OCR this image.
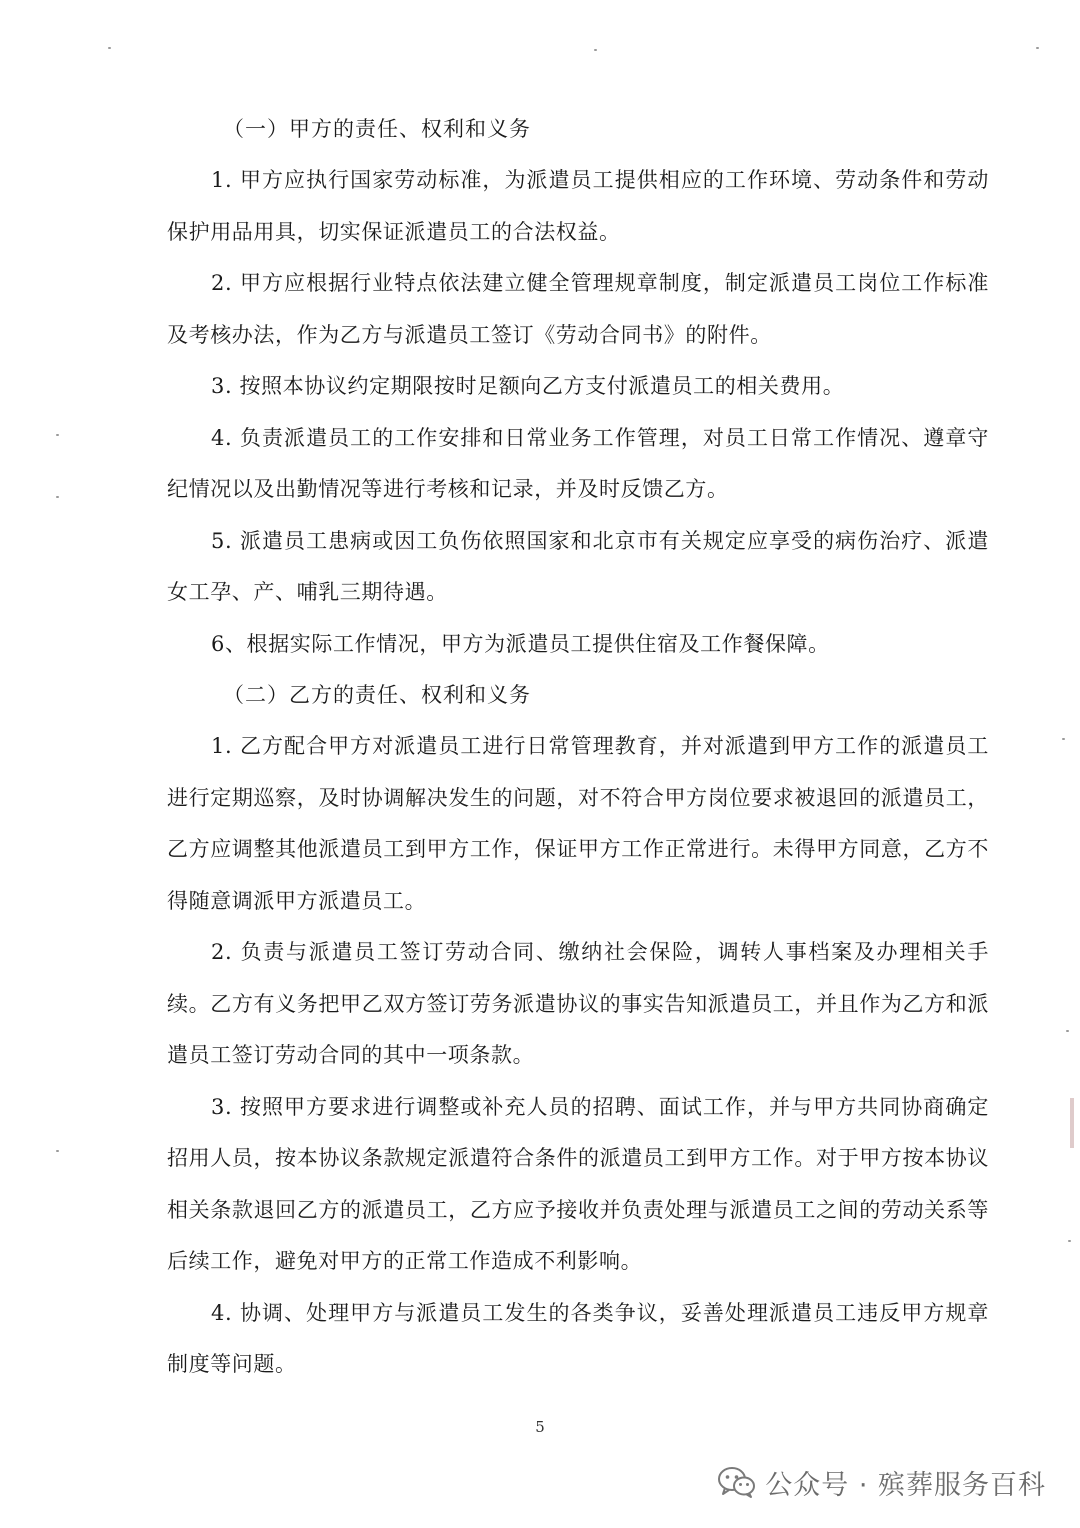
（一）甲方的责任、权利和义务

1. 甲方应执行国家劳动标准，为派遣员工提供相应的工作环境、劳动条件和劳动保护用品用具，切实保证派遣员工的合法权益。

2. 甲方应根据行业特点依法建立健全管理规章制度，制定派遣员工岗位工作标准及考核办法，作为乙方与派遣员工签订《劳动合同书》的附件。

3. 按照本协议约定期限按时足额向乙方支付派遣员工的相关费用。

4. 负责派遣员工的工作安排和日常业务工作管理，对员工日常工作情况、遵章守纪情况以及出勤情况等进行考核和记录，并及时反馈乙方。

5. 派遣员工患病或因工负伤依照国家和北京市有关规定应享受的病伤治疗、派遣女工孕、产、哺乳三期待遇。

6、根据实际工作情况，甲方为派遣员工提供住宿及工作餐保障。

（二）乙方的责任、权利和义务

1. 乙方配合甲方对派遣员工进行日常管理教育，并对派遣到甲方工作的派遣员工进行定期巡察，及时协调解决发生的问题，对不符合甲方岗位要求被退回的派遣员工，乙方应调整其他派遣员工到甲方工作，保证甲方工作正常进行。未得甲方同意，乙方不得随意调派甲方派遣员工。

2. 负责与派遣员工签订劳动合同、缴纳社会保险，调转人事档案及办理相关手续。乙方有义务把甲乙双方签订劳务派遣协议的事实告知派遣员工，并且作为乙方和派遣员工签订劳动合同的其中一项条款。

3. 按照甲方要求进行调整或补充人员的招聘、面试工作，并与甲方共同协商确定招用人员，按本协议条款规定派遣符合条件的派遣员工到甲方工作。对于甲方按本协议相关条款退回乙方的派遣员工，乙方应予接收并负责处理与派遣员工之间的劳动关系等后续工作，避免对甲方的正常工作造成不利影响。

4. 协调、处理甲方与派遣员工发生的各类争议，妥善处理派遣员工违反甲方规章制度等问题。

5
公众号 · 殡葬服务百科
